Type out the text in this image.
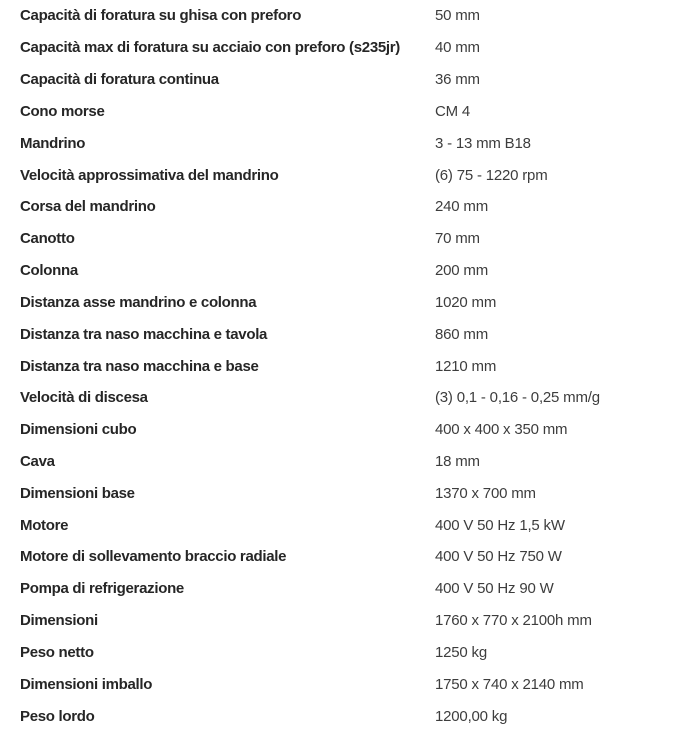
Capacità di foratura su ghisa con preforo	50 mm
Capacità max di foratura su acciaio con preforo (s235jr)	40 mm
Capacità di foratura continua	36 mm
Cono morse	CM 4
Mandrino	3 - 13 mm B18
Velocità approssimativa del mandrino	(6) 75 - 1220 rpm
Corsa del mandrino	240 mm
Canotto	70 mm
Colonna	200 mm
Distanza asse mandrino e colonna	1020 mm
Distanza tra naso macchina e tavola	860 mm
Distanza tra naso macchina e base	1210 mm
Velocità di discesa	(3) 0,1 - 0,16 - 0,25 mm/g
Dimensioni cubo	400 x 400 x 350 mm
Cava	18 mm
Dimensioni base	1370 x 700 mm
Motore	400 V 50 Hz 1,5 kW
Motore di sollevamento braccio radiale	400 V 50 Hz 750 W
Pompa di refrigerazione	400 V 50 Hz 90 W
Dimensioni	1760 x 770 x 2100h mm
Peso netto	1250 kg
Dimensioni imballo	1750 x 740 x 2140 mm
Peso lordo	1200,00 kg
